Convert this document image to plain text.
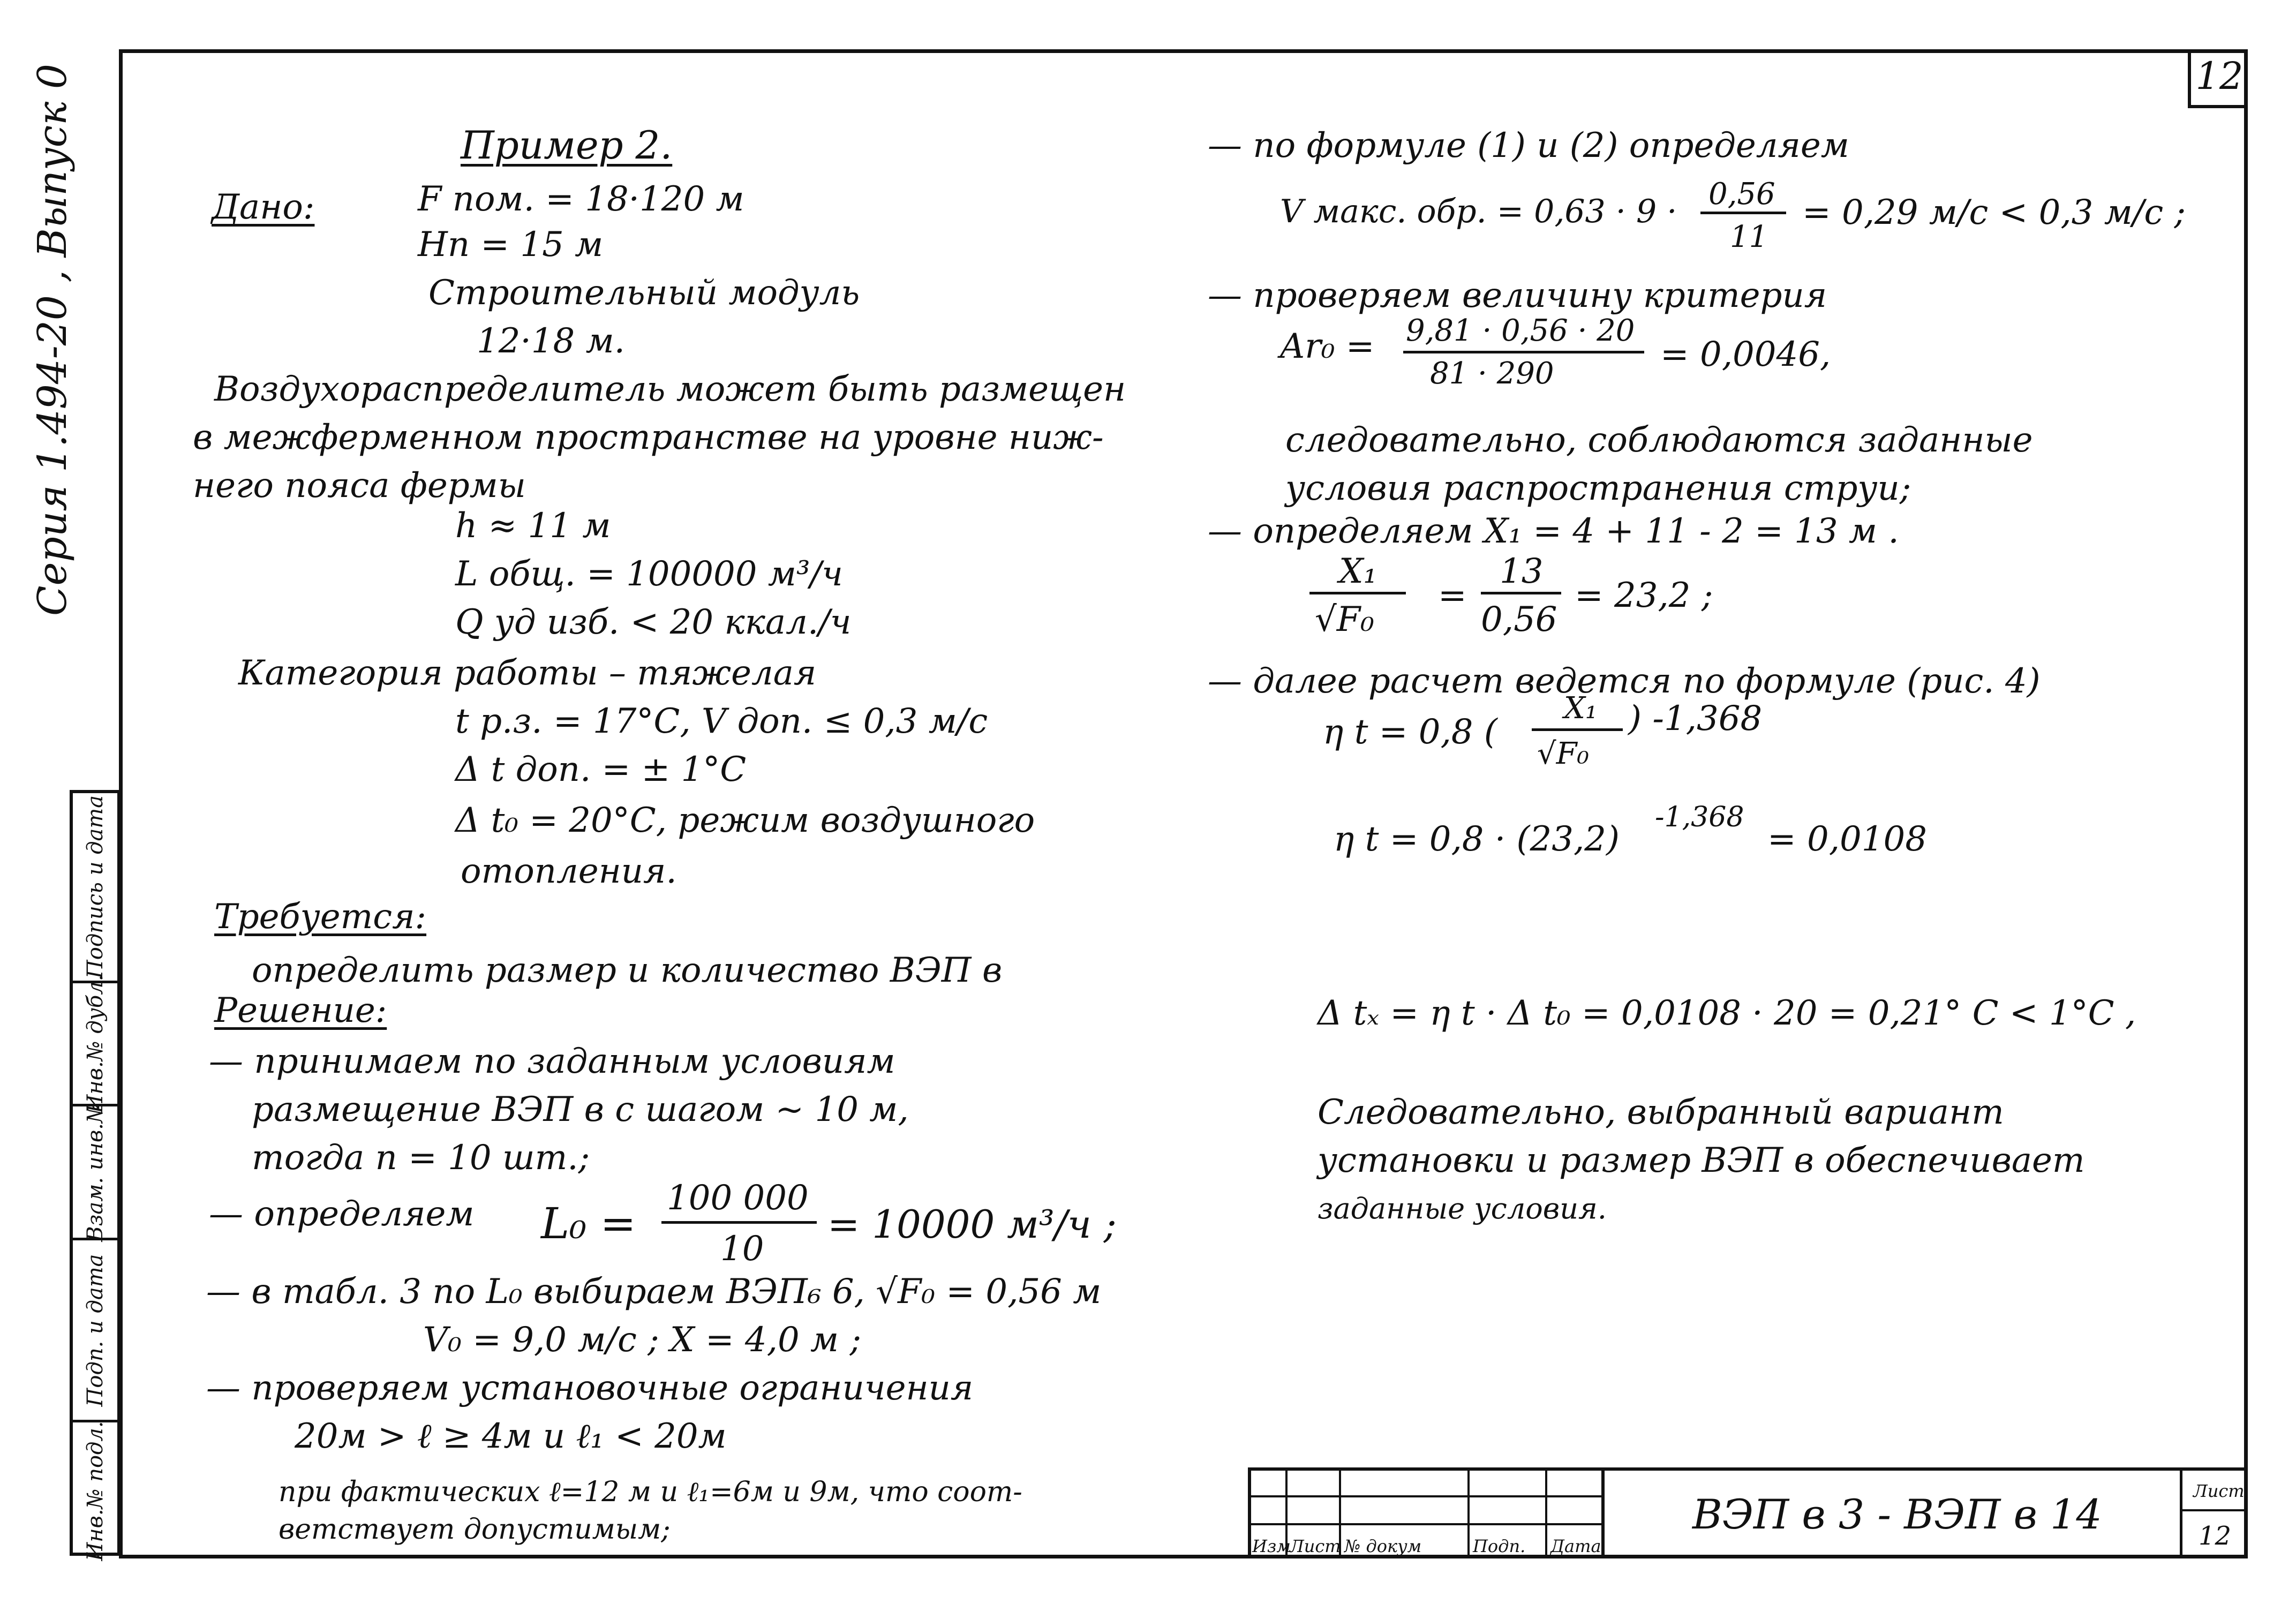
Серия 1.494-20 , Выпуск 0
Подпись и дата
Инв.№ дубл.
Взам. инв.№
Подп. и дата
Инв.№ подл.
12
Пример 2.
Дано:	F пом. = 18·120 м
Hn = 15 м
Строительный модуль
12·18 м.
Воздухораспределитель может быть размещен
в межферменном пространстве на уровне ниж-
него пояса фермы
h ≈ 11 м
L общ. = 100000 м³/ч
Q уд изб. < 20 ккал./ч
Категория работы – тяжелая
t р.з. = 17°С, V доп. ≤ 0,3 м/с
Δ t доп. = ± 1°С
Δ t₀ = 20°С, режим воздушного
отопления.
Требуется:
определить размер и количество ВЭП в
Решение:
— принимаем по заданным условиям
размещение ВЭП в с шагом ~ 10 м,
тогда n = 10 шт.;
— определяем L₀ =
100 000
10
= 10000 м³/ч ;
— в табл. 3 по L₀ выбираем ВЭП₆ 6, √F₀ = 0,56 м
V₀ = 9,0 м/с ; X = 4,0 м ;
— проверяем установочные ограничения
20м > ℓ ≥ 4м и ℓ₁ < 20м
при фактических ℓ=12 м и ℓ₁=6м и 9м, что соот-
ветствует допустимым;
— по формуле (1) и (2) определяем
V макс. обр. = 0,63 · 9 · 0,56
11
= 0,29 м/с < 0,3 м/с ;
— проверяем величину критерия
Ar₀ = 9,81 · 0,56 · 20
81 · 290	= 0,0046,
следовательно, соблюдаются заданные
условия распространения струи;
— определяем X₁ = 4 + 11 - 2 = 13 м .
X₁
√F₀
=
13
0,56
= 23,2 ;
— далее расчет ведется по формуле (рис. 4)
η t = 0,8 (
X₁
√F₀
) -1,368
η t = 0,8 · (23,2)
-1,368
= 0,0108
Δ tₓ = η t · Δ t₀ = 0,0108 · 20 = 0,21° С < 1°С ,
Следовательно, выбранный вариант
установки и размер ВЭП в обеспечивает
заданные условия.
Изм
Лист № докум	Подп. Дата
ВЭП в 3 - ВЭП в 14	Лист
12
